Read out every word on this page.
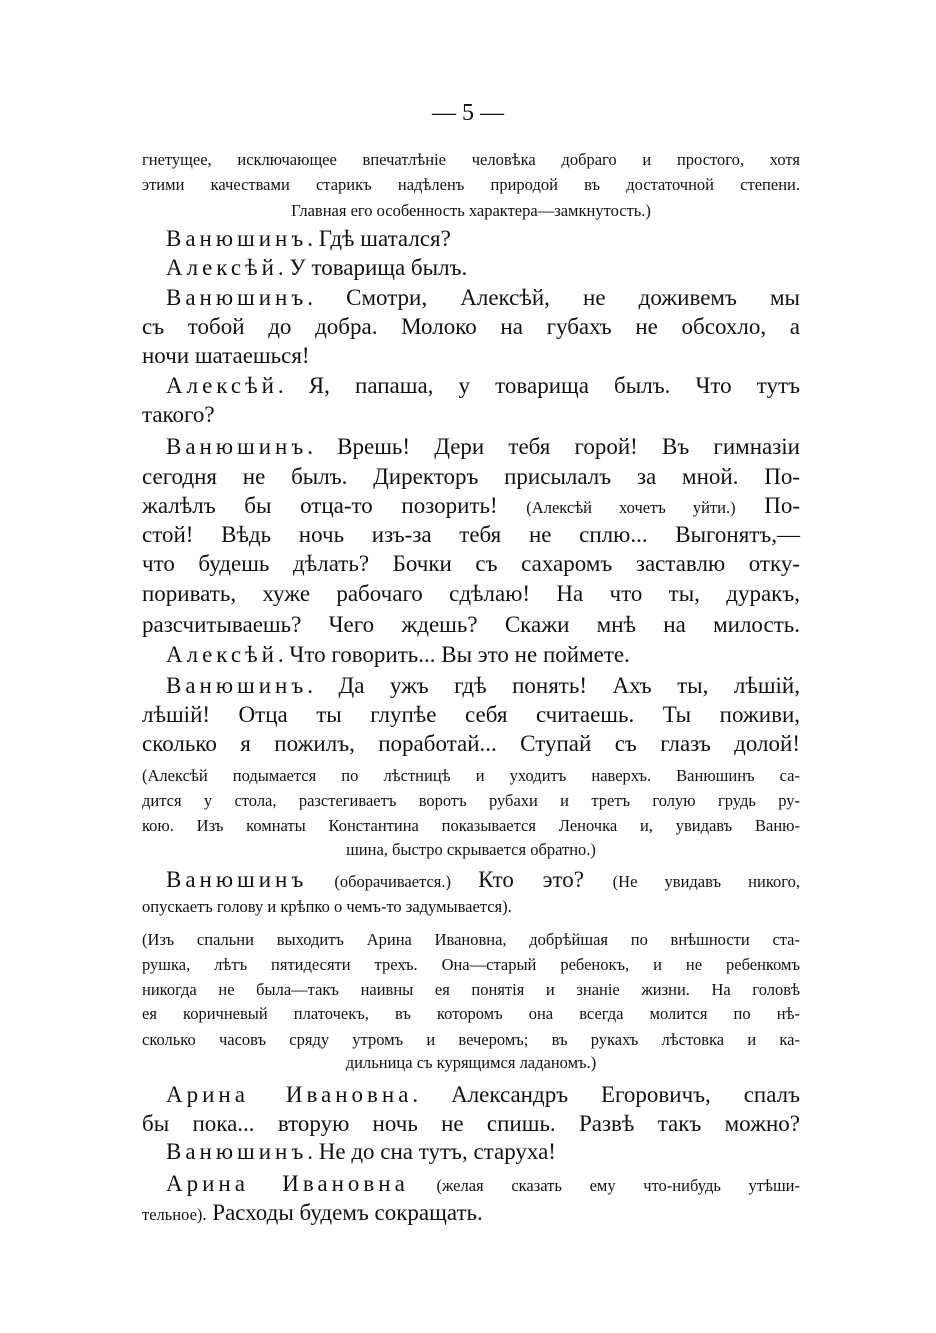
— 5 —
гнетущее, исключающее впечатлѣніе человѣка добраго и простого, хотя
этими качествами старикъ надѣленъ природой въ достаточной степени.
Главная его особенность характера—замкнутость.)
Ванюшинъ. Гдѣ шатался?
Алексѣй. У товарища былъ.
Ванюшинъ. Смотри, Алексѣй, не доживемъ мы
съ тобой до добра. Молоко на губахъ не обсохло, а
ночи шатаешься!
Алексѣй. Я, папаша, у товарища былъ. Что тутъ
такого?
Ванюшинъ. Врешь! Дери тебя горой! Въ гимназіи
сегодня не былъ. Директоръ присылалъ за мной. По-
жалѣлъ бы отца-то позорить! (Алексѣй хочетъ уйти.) По-
стой! Вѣдь ночь изъ-за тебя не сплю... Выгонятъ,—
что будешь дѣлать? Бочки съ сахаромъ заставлю отку-
поривать, хуже рабочаго сдѣлаю! На что ты, дуракъ,
разсчитываешь? Чего ждешь? Скажи мнѣ на милость.
Алексѣй. Что говорить... Вы это не поймете.
Ванюшинъ. Да ужъ гдѣ понять! Ахъ ты, лѣшій,
лѣшій! Отца ты глупѣе себя считаешь. Ты поживи,
сколько я пожилъ, поработай... Ступай съ глазъ долой!
(Алексѣй подымается по лѣстницѣ и уходитъ наверхъ. Ванюшинъ са-
дится у стола, разстегиваетъ воротъ рубахи и третъ голую грудь ру-
кою. Изъ комнаты Константина показывается Леночка и, увидавъ Ваню-
шина, быстро скрывается обратно.)
Ванюшинъ (оборачивается.) Кто это? (Не увидавъ никого,
опускаетъ голову и крѣпко о чемъ-то задумывается).
(Изъ спальни выходитъ Арина Ивановна, добрѣйшая по внѣшности ста-
рушка, лѣтъ пятидесяти трехъ. Она—старый ребенокъ, и не ребенкомъ
никогда не была—такъ наивны ея понятія и знаніе жизни. На головѣ
ея коричневый платочекъ, въ которомъ она всегда молится по нѣ-
сколько часовъ сряду утромъ и вечеромъ; въ рукахъ лѣстовка и ка-
дильница съ курящимся ладаномъ.)
Арина Ивановна. Александръ Егоровичъ, спалъ
бы пока... вторую ночь не спишь. Развѣ такъ можно?
Ванюшинъ. Не до сна тутъ, старуха!
Арина Ивановна (желая сказать ему что-нибудь утѣши-
тельное). Расходы будемъ сокращать.
